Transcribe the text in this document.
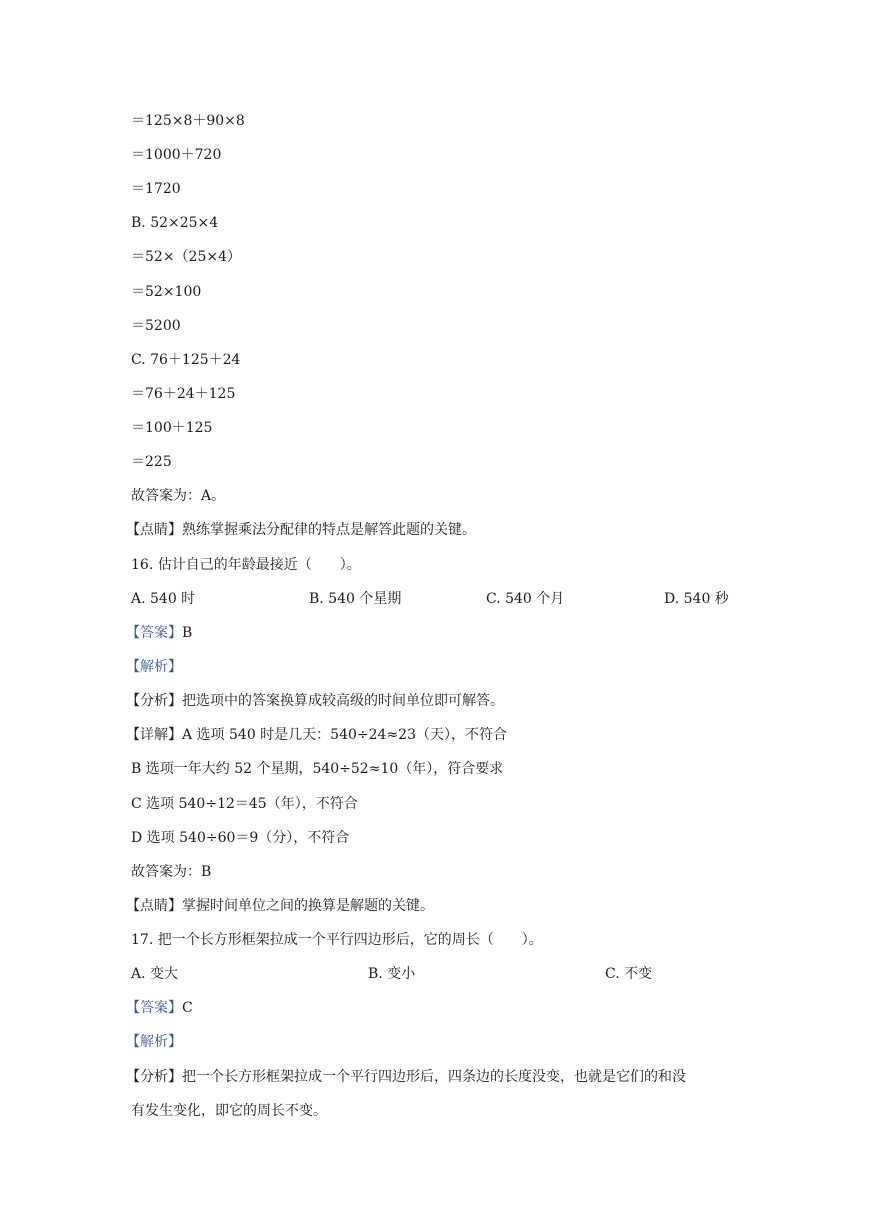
＝125×8＋90×8
＝1000＋720
＝1720
B. 52×25×4
＝52×（25×4）
＝52×100
＝5200
C. 76＋125＋24
＝76＋24＋125
＝100＋125
＝225
故答案为：A。
【点睛】熟练掌握乘法分配律的特点是解答此题的关键。
16. 估计自己的年龄最接近（　　）。
A. 540 时	B. 540 个星期	C. 540 个月	D. 540 秒
【答案】B
【解析】
【分析】把选项中的答案换算成较高级的时间单位即可解答。
【详解】A 选项 540 时是几天：540÷24≈23（天），不符合
B 选项一年大约 52 个星期，540÷52≈10（年），符合要求
C 选项 540÷12＝45（年），不符合
D 选项 540÷60＝9（分），不符合
故答案为：B
【点睛】掌握时间单位之间的换算是解题的关键。
17. 把一个长方形框架拉成一个平行四边形后，它的周长（　　）。
A. 变大	B. 变小	C. 不变
【答案】C
【解析】
【分析】把一个长方形框架拉成一个平行四边形后，四条边的长度没变，也就是它们的和没
有发生变化，即它的周长不变。
